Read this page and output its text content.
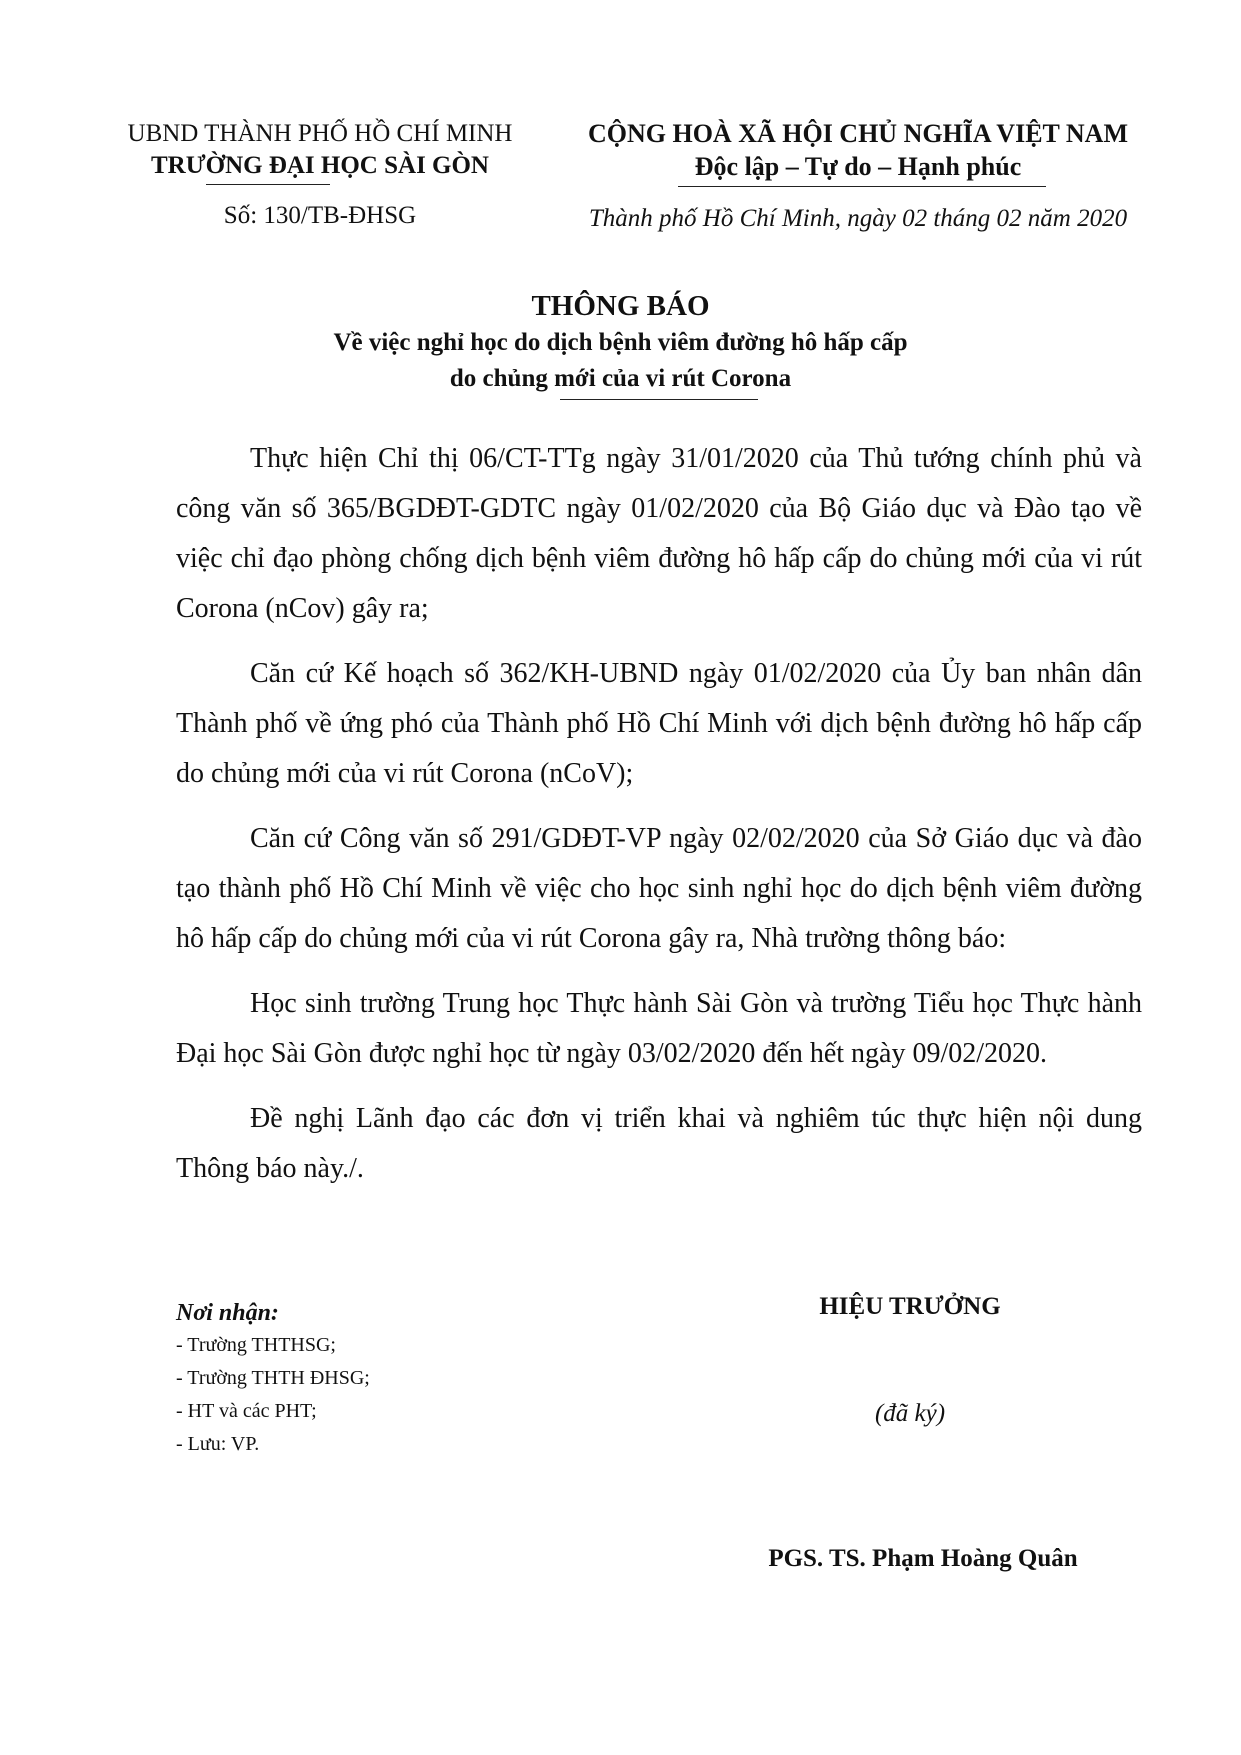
UBND THÀNH PHỐ HỒ CHÍ MINH
TRƯỜNG ĐẠI HỌC SÀI GÒN
Số: 130/TB-ĐHSG
CỘNG HOÀ XÃ HỘI CHỦ NGHĨA VIỆT NAM
Độc lập – Tự do – Hạnh phúc
Thành phố Hồ Chí Minh, ngày 02 tháng 02 năm 2020
THÔNG BÁO
Về việc nghỉ học do dịch bệnh viêm đường hô hấp cấp
do chủng mới của vi rút Corona

Thực hiện Chỉ thị 06/CT-TTg ngày 31/01/2020 của Thủ tướng chính phủ và công văn số 365/BGDĐT-GDTC ngày 01/02/2020 của Bộ Giáo dục và Đào tạo về việc chỉ đạo phòng chống dịch bệnh viêm đường hô hấp cấp do chủng mới của vi rút Corona (nCov) gây ra;

Căn cứ Kế hoạch số 362/KH-UBND ngày 01/02/2020 của Ủy ban nhân dân Thành phố về ứng phó của Thành phố Hồ Chí Minh với dịch bệnh đường hô hấp cấp do chủng mới của vi rút Corona (nCoV);

Căn cứ Công văn số 291/GDĐT-VP ngày 02/02/2020 của Sở Giáo dục và đào tạo thành phố Hồ Chí Minh về việc cho học sinh nghỉ học do dịch bệnh viêm đường hô hấp cấp do chủng mới của vi rút Corona gây ra, Nhà trường thông báo:

Học sinh trường Trung học Thực hành Sài Gòn và trường Tiểu học Thực hành Đại học Sài Gòn được nghỉ học từ ngày 03/02/2020 đến hết ngày 09/02/2020.

Đề nghị Lãnh đạo các đơn vị triển khai và nghiêm túc thực hiện nội dung Thông báo này./.

Nơi nhận:
- Trường THTHSG;
- Trường THTH ĐHSG;
- HT và các PHT;
- Lưu: VP.
HIỆU TRƯỞNG
(đã ký)
PGS. TS. Phạm Hoàng Quân
